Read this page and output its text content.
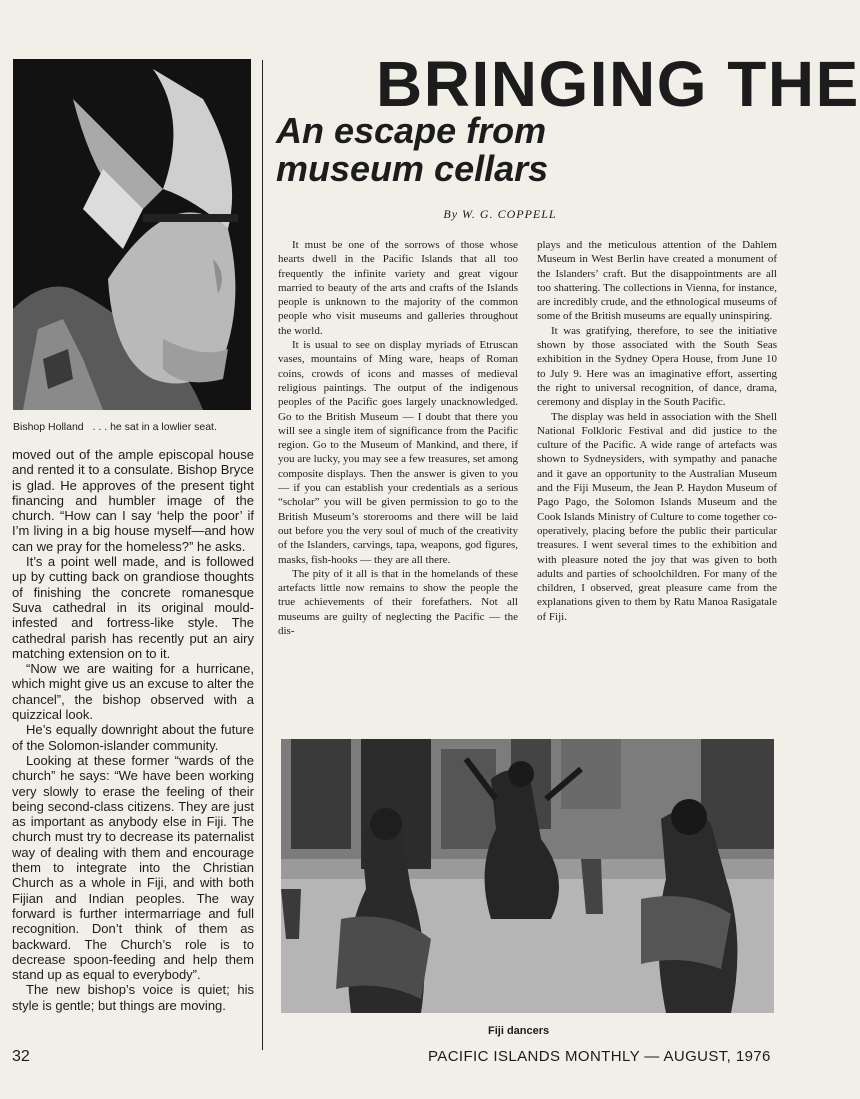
Bishop Holland . . . he sat in a lowlier seat.

moved out of the ample episcopal house and rented it to a consulate. Bishop Bryce is glad. He approves of the present tight financing and humbler image of the church. “How can I say ‘help the poor’ if I’m living in a big house myself—and how can we pray for the homeless?” he asks.

It’s a point well made, and is followed up by cutting back on grandiose thoughts of finishing the concrete romanesque Suva cathedral in its original mould-infested and fortress-like style. The cathedral parish has recently put an airy matching extension on to it.

“Now we are waiting for a hurricane, which might give us an excuse to alter the chancel”, the bishop observed with a quizzical look.

He’s equally downright about the future of the Solomon-islander community.

Looking at these former “wards of the church” he says: “We have been working very slowly to erase the feeling of their being second-class citizens. They are just as important as anybody else in Fiji. The church must try to decrease its paternalist way of dealing with them and encourage them to integrate into the Christian Church as a whole in Fiji, and with both Fijian and Indian peoples. The way forward is further intermarriage and full recognition. Don’t think of them as backward. The Church’s role is to decrease spoon-feeding and help them stand up as equal to everybody”.

The new bishop’s voice is quiet; his style is gentle; but things are moving.

BRINGING THE
An escape from museum cellars
By W. G. COPPELL

It must be one of the sorrows of those whose hearts dwell in the Pacific Islands that all too frequently the infinite variety and great vigour married to beauty of the arts and crafts of the Islands people is unknown to the majority of the common people who visit museums and galleries throughout the world.

It is usual to see on display myriads of Etruscan vases, mountains of Ming ware, heaps of Roman coins, crowds of icons and masses of medieval religious paintings. The output of the indigenous peoples of the Pacific goes largely unacknowledged. Go to the British Museum — I doubt that there you will see a single item of significance from the Pacific region. Go to the Museum of Mankind, and there, if you are lucky, you may see a few treasures, set among composite displays. Then the answer is given to you — if you can establish your credentials as a serious “scholar” you will be given permission to go to the British Museum’s storerooms and there will be laid out before you the very soul of much of the creativity of the Islanders, carvings, tapa, weapons, god figures, masks, fish-hooks — they are all there.

The pity of it all is that in the homelands of these artefacts little now remains to show the people the true achievements of their forefathers. Not all museums are guilty of neglecting the Pacific — the dis-

plays and the meticulous attention of the Dahlem Museum in West Berlin have created a monument of the Islanders’ craft. But the disappointments are all too shattering. The collections in Vienna, for instance, are incredibly crude, and the ethnological museums of some of the British museums are equally uninspiring.

It was gratifying, therefore, to see the initiative shown by those associated with the South Seas exhibition in the Sydney Opera House, from June 10 to July 9. Here was an imaginative effort, asserting the right to universal recognition, of dance, drama, ceremony and display in the South Pacific.

The display was held in association with the Shell National Folkloric Festival and did justice to the culture of the Pacific. A wide range of artefacts was shown to Sydneysiders, with sympathy and panache and it gave an opportunity to the Australian Museum and the Fiji Museum, the Jean P. Haydon Museum of Pago Pago, the Solomon Islands Museum and the Cook Islands Ministry of Culture to come together co-operatively, placing before the public their particular treasures. I went several times to the exhibition and with pleasure noted the joy that was given to both adults and parties of schoolchildren. For many of the children, I observed, great pleasure came from the explanations given to them by Ratu Manoa Rasigatale of Fiji.

Fiji dancers
32	PACIFIC ISLANDS MONTHLY — AUGUST, 1976
